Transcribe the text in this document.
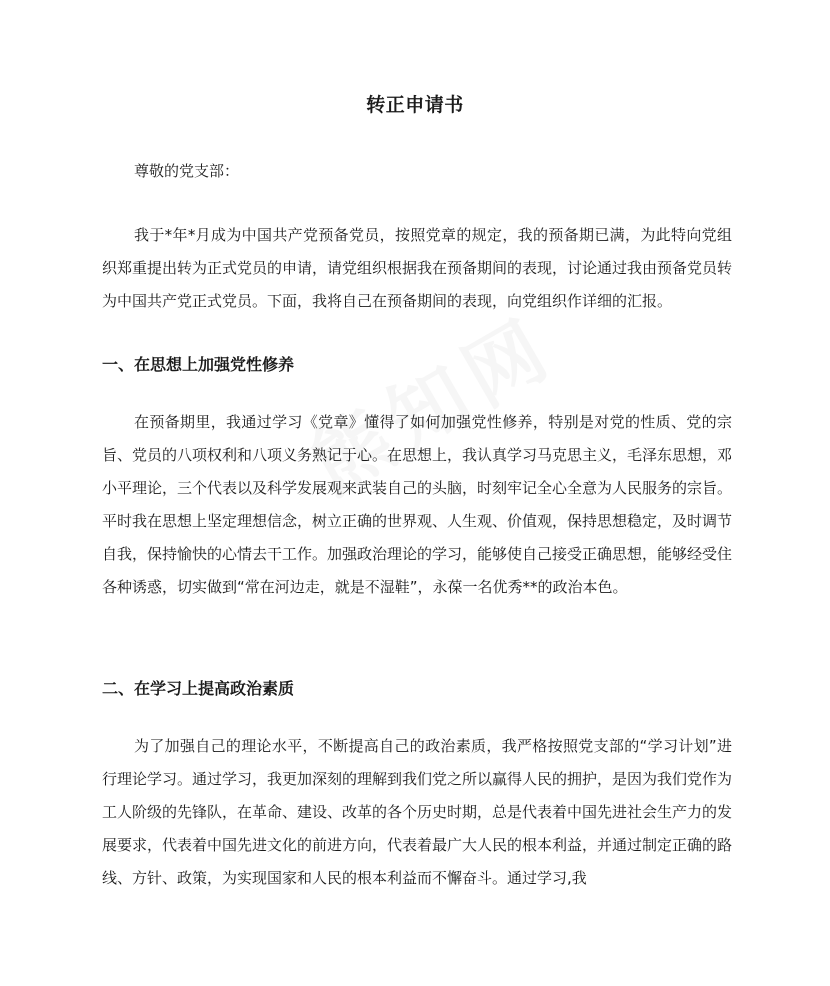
转正申请书
尊敬的党支部：
我于*年*月成为中国共产党预备党员，按照党章的规定，我的预备期已满，为此特向党组织郑重提出转为正式党员的申请，请党组织根据我在预备期间的表现，讨论通过我由预备党员转为中国共产党正式党员。下面，我将自己在预备期间的表现，向党组织作详细的汇报。
一、在思想上加强党性修养
在预备期里，我通过学习《党章》懂得了如何加强党性修养，特别是对党的性质、党的宗旨、党员的八项权利和八项义务熟记于心。在思想上，我认真学习马克思主义，毛泽东思想，邓小平理论，三个代表以及科学发展观来武装自己的头脑，时刻牢记全心全意为人民服务的宗旨。平时我在思想上坚定理想信念，树立正确的世界观、人生观、价值观，保持思想稳定，及时调节自我，保持愉快的心情去干工作。加强政治理论的学习，能够使自己接受正确思想，能够经受住各种诱惑，切实做到“常在河边走，就是不湿鞋”，永葆一名优秀**的政治本色。
二、在学习上提高政治素质
为了加强自己的理论水平，不断提高自己的政治素质，我严格按照党支部的“学习计划”进行理论学习。通过学习，我更加深刻的理解到我们党之所以赢得人民的拥护，是因为我们党作为工人阶级的先锋队，在革命、建设、改革的各个历史时期，总是代表着中国先进社会生产力的发展要求，代表着中国先进文化的前进方向，代表着最广大人民的根本利益，并通过制定正确的路线、方针、政策，为实现国家和人民的根本利益而不懈奋斗。通过学习,我
